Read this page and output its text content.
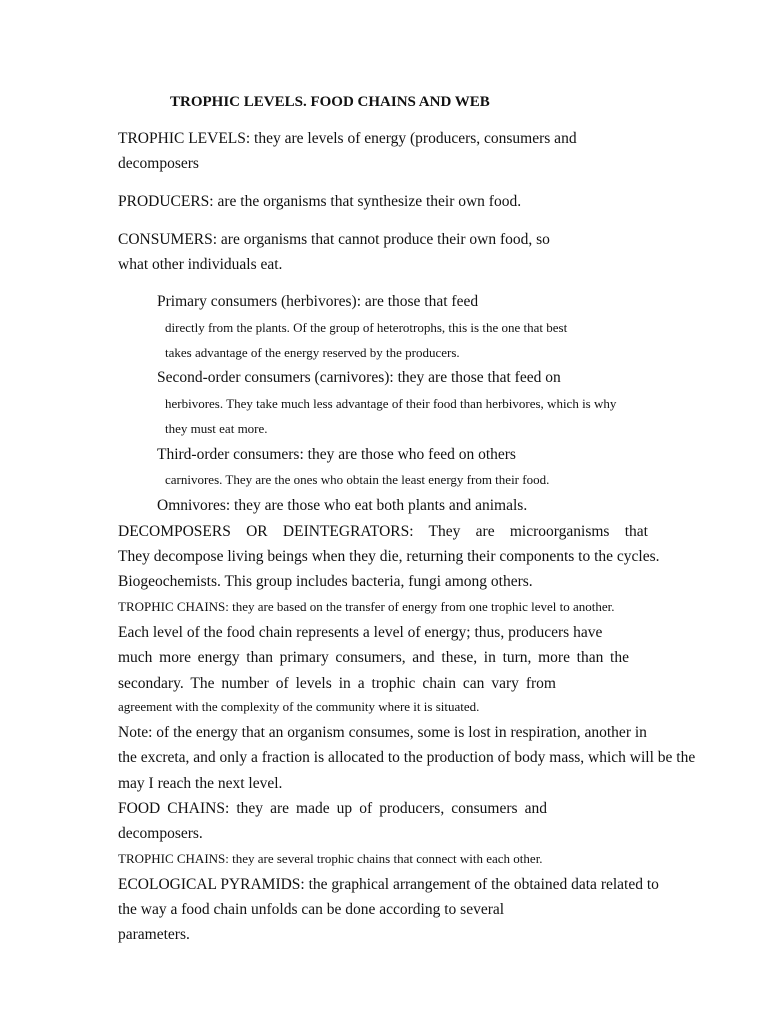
TROPHIC LEVELS. FOOD CHAINS AND WEB
TROPHIC LEVELS: they are levels of energy (producers, consumers and
decomposers
PRODUCERS: are the organisms that synthesize their own food.
CONSUMERS: are organisms that cannot produce their own food, so
what other individuals eat.
Primary consumers (herbivores): are those that feed
directly from the plants. Of the group of heterotrophs, this is the one that best
takes advantage of the energy reserved by the producers.
Second-order consumers (carnivores): they are those that feed on
herbivores. They take much less advantage of their food than herbivores, which is why
they must eat more.
Third-order consumers: they are those who feed on others
carnivores. They are the ones who obtain the least energy from their food.
Omnivores: they are those who eat both plants and animals.
DECOMPOSERS OR DEINTEGRATORS: They are microorganisms that
They decompose living beings when they die, returning their components to the cycles.
Biogeochemists. This group includes bacteria, fungi among others.
TROPHIC CHAINS: they are based on the transfer of energy from one trophic level to another.
Each level of the food chain represents a level of energy; thus, producers have
much more energy than primary consumers, and these, in turn, more than the
secondary. The number of levels in a trophic chain can vary from
agreement with the complexity of the community where it is situated.
Note: of the energy that an organism consumes, some is lost in respiration, another in
the excreta, and only a fraction is allocated to the production of body mass, which will be the
may I reach the next level.
FOOD CHAINS: they are made up of producers, consumers and
decomposers.
TROPHIC CHAINS: they are several trophic chains that connect with each other.
ECOLOGICAL PYRAMIDS: the graphical arrangement of the obtained data related to
the way a food chain unfolds can be done according to several
parameters.
